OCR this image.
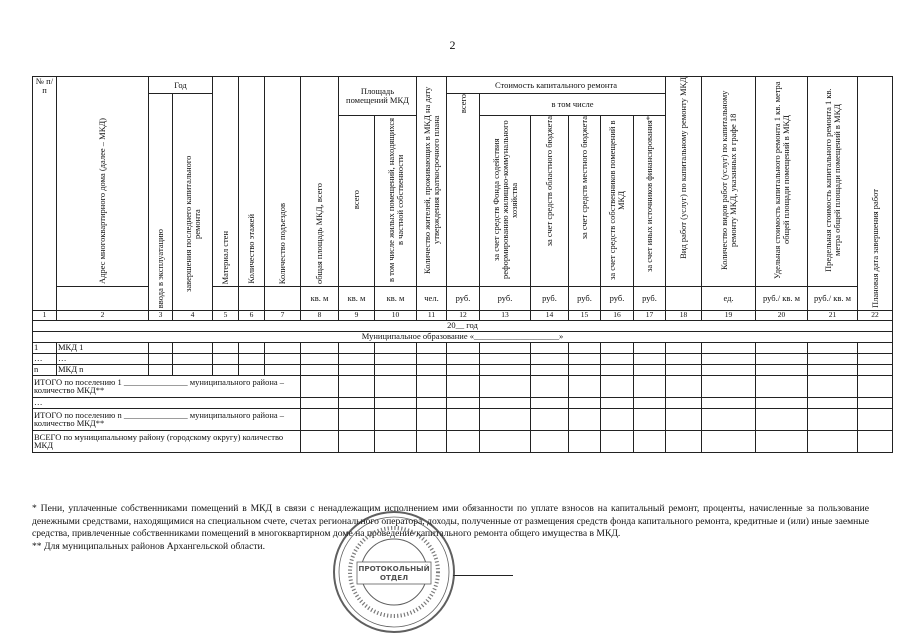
2
№ п/п	Адрес многоквартирного дома (далее – МКД)	Год		Материал стен	Количество этажей	Количество подъездов	общая площадь МКД, всего	Площадь помещений МКД		Количество жителей, проживающих в МКД на дату утверждения краткосрочного плана	Стоимость капитального ремонта						Вид работ (услуг) по капитальному ремонту МКД	Количество видов работ (услуг) по капитальному ремонту МКД, указанных в графе 18	Удельная стоимость капитального ремонта 1 кв. метра общей площади помещений в МКД	Предельная стоимость капитального ремонта 1 кв. метра общей площади помещений в МКД	Плановая дата завершения работ
		ввода в эксплуатацию	завершения последнего капитального ремонта								всего	в том числе									
								всего	в том числе жилых помещений, находящихся в частной собственности			за счет средств Фонда содействия реформированию жилищно-коммунального хозяйства	за счет средств областного бюджета	за счет средств местного бюджета	за счет средств собственников помещений в МКД	за счет иных источников финансирования*					
							кв. м	кв. м	кв. м	чел.	руб.	руб.	руб.	руб.	руб.	руб.		ед.	руб./ кв. м	руб./ кв. м	
1	2	3	4	5	6	7	8	9	10	11	12	13	14	15	16	17	18	19	20	21	22
20__ год																					
Муниципальное образование «____________________»																					
1	МКД 1																				
…	…																				
n	МКД n																				
ИТОГО по поселению 1 _______________ муниципального района – количество МКД**																					
…																					
ИТОГО по поселению n _______________ муниципального района – количество МКД**																					
ВСЕГО по муниципальному району (городскому округу) количество МКД																					

* Пени, уплаченные собственниками помещений в МКД в связи с ненадлежащим исполнением ими обязанности по уплате взносов на капитальный ремонт, проценты, начисленные за пользование денежными средствами, находящимися на специальном счете, счетах регионального оператора, доходы, полученные от размещения средств фонда капитального ремонта, кредитные и (или) иные заемные средства, привлеченные собственниками помещений в многоквартирном доме на проведение капитального ремонта общего имущества в МКД.

** Для муниципальных районов Архангельской области.

ПРОТОКОЛЬНЫЙ
ОТДЕЛ
